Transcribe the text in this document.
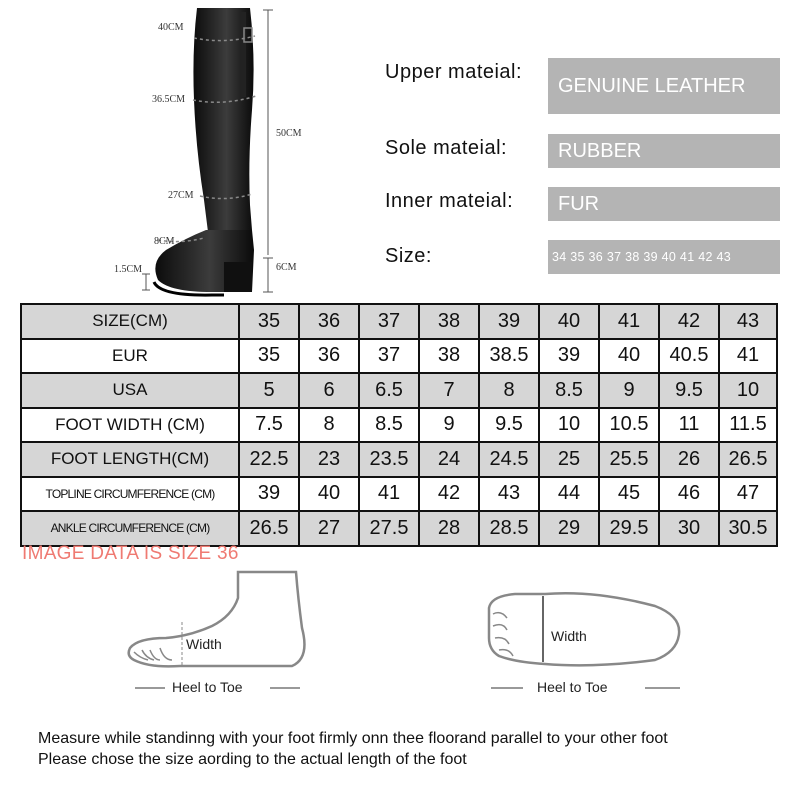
40CM
36.5CM
50CM
27CM
8CM
1.5CM	6CM
Upper mateial:
GENUINE LEATHER
Sole mateial:	RUBBER
Inner mateial:	FUR
Size:	34 35 36 37 38 39 40 41 42 43
SIZE(CM)	35	36	37	38	39	40	41	42	43
EUR	35	36	37	38	38.5	39	40	40.5	41
USA	5	6	6.5	7	8	8.5	9	9.5	10
FOOT WIDTH (CM)	7.5	8	8.5	9	9.5	10	10.5	11	11.5
FOOT LENGTH(CM)	22.5	23	23.5	24	24.5	25	25.5	26	26.5
TOPLINE CIRCUMFERENCE (CM)	39	40	41	42	43	44	45	46	47
ANKLE CIRCUMFERENCE (CM)	26.5	27	27.5	28	28.5	29	29.5	30	30.5
IMAGE DATA IS SIZE 36
Width
Heel to Toe
Width
Heel to Toe
Measure while standinng with your foot firmly onn thee floorand parallel to your other foot
Please chose the size aording to the actual length of the foot
